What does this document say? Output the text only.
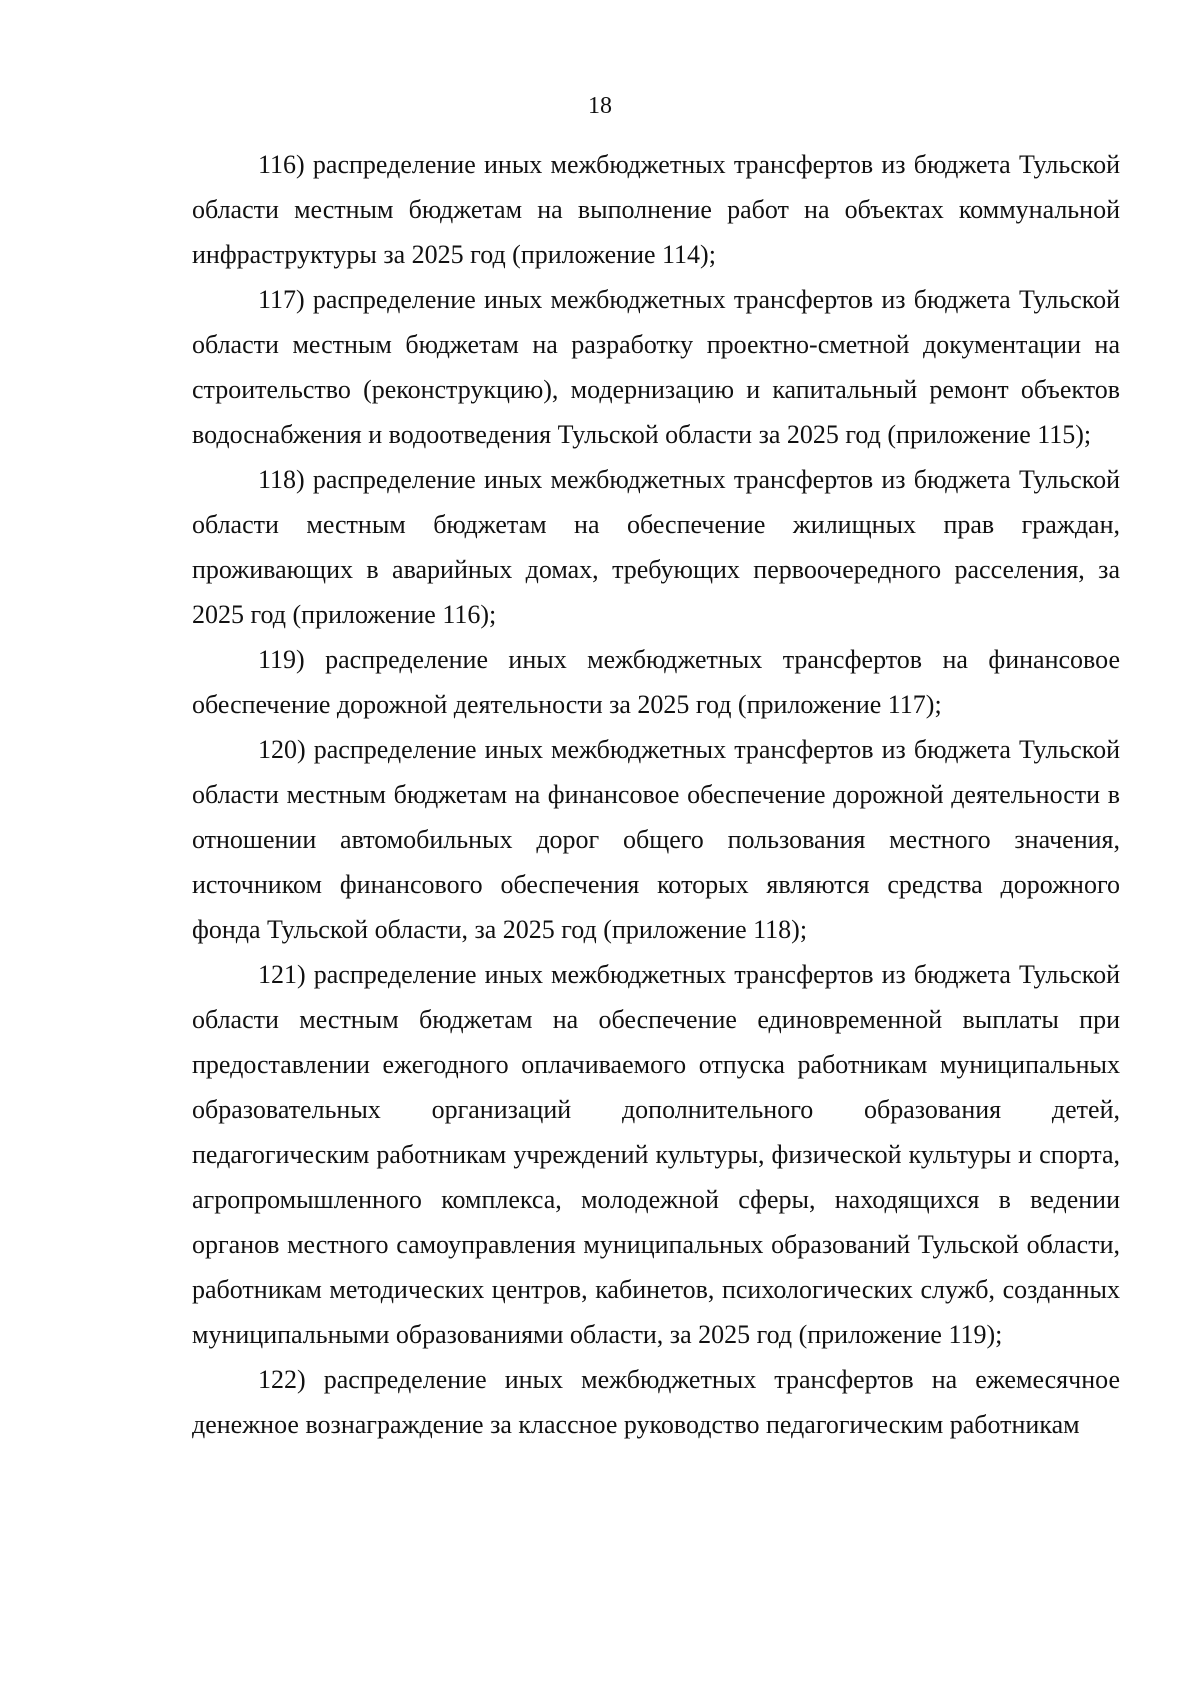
18

116) распределение иных межбюджетных трансфертов из бюджета Тульской области местным бюджетам на выполнение работ на объектах коммунальной инфраструктуры за 2025 год (приложение 114);

117) распределение иных межбюджетных трансфертов из бюджета Тульской области местным бюджетам на разработку проектно-сметной документации на строительство (реконструкцию), модернизацию и капитальный ремонт объектов водоснабжения и водоотведения Тульской области за 2025 год (приложение 115);

118) распределение иных межбюджетных трансфертов из бюджета Тульской области местным бюджетам на обеспечение жилищных прав граждан, проживающих в аварийных домах, требующих первоочередного расселения, за 2025 год (приложение 116);

119) распределение иных межбюджетных трансфертов на финансовое обеспечение дорожной деятельности за 2025 год (приложение 117);

120) распределение иных межбюджетных трансфертов из бюджета Тульской области местным бюджетам на финансовое обеспечение дорожной деятельности в отношении автомобильных дорог общего пользования местного значения, источником финансового обеспечения которых являются средства дорожного фонда Тульской области, за 2025 год (приложение 118);

121) распределение иных межбюджетных трансфертов из бюджета Тульской области местным бюджетам на обеспечение единовременной выплаты при предоставлении ежегодного оплачиваемого отпуска работникам муниципальных образовательных организаций дополнительного образования детей, педагогическим работникам учреждений культуры, физической культуры и спорта, агропромышленного комплекса, молодежной сферы, находящихся в ведении органов местного самоуправления муниципальных образований Тульской области, работникам методических центров, кабинетов, психологических служб, созданных муниципальными образованиями области, за 2025 год (приложение 119);

122) распределение иных межбюджетных трансфертов на ежемесячное денежное вознаграждение за классное руководство педагогическим работникам
